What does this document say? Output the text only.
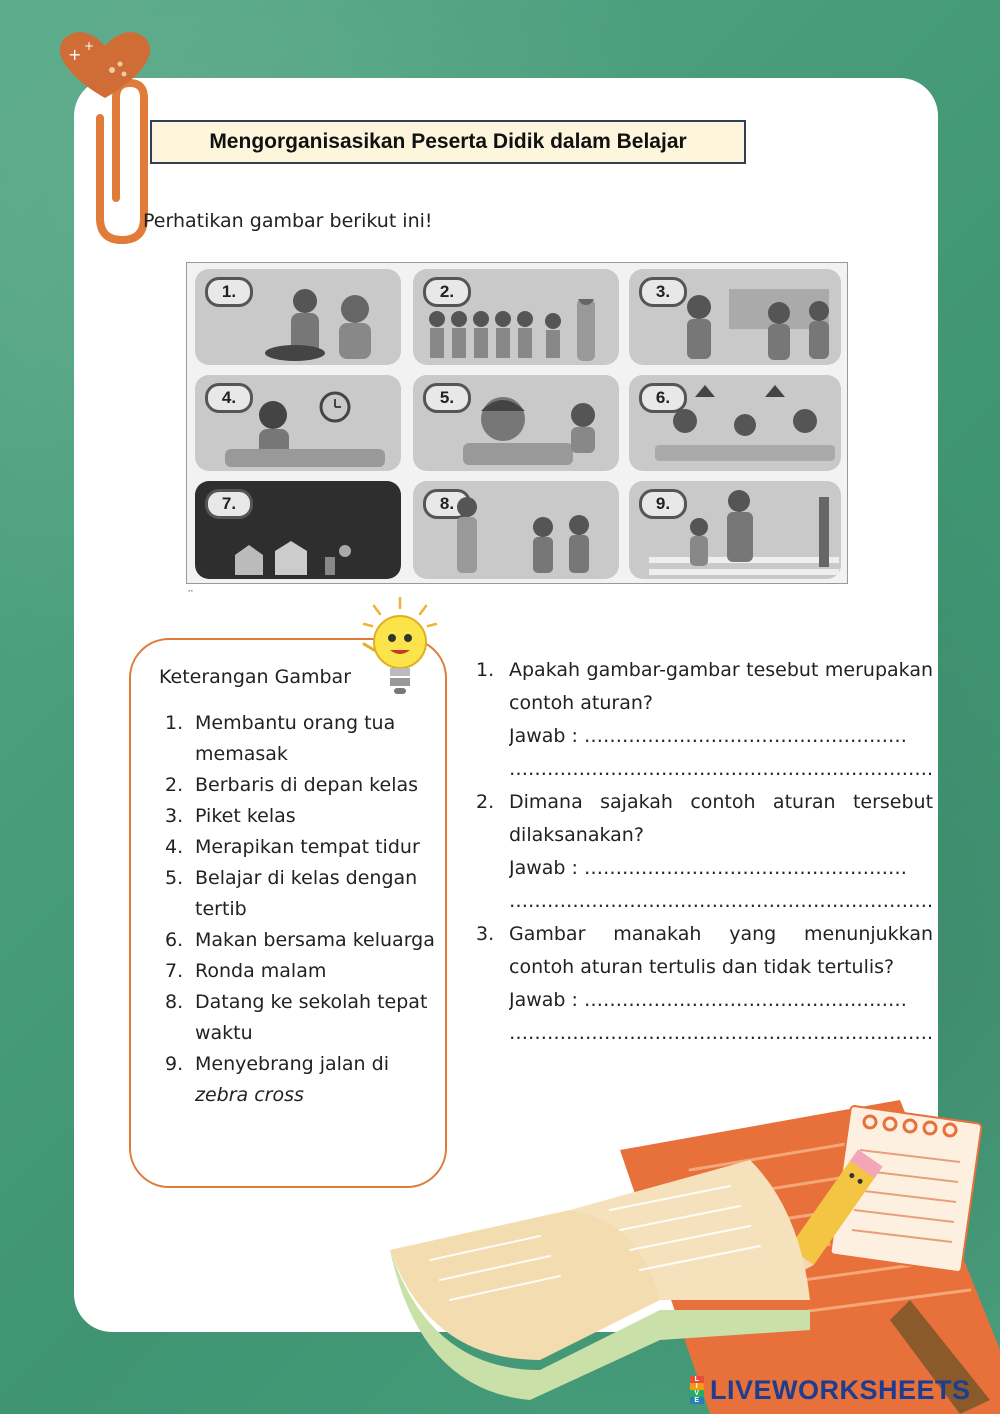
+ +
Mengorganisasikan Peserta Didik dalam Belajar
Perhatikan gambar berikut ini!
1.	2.	3.
4.	5.	6.
7.	8.	9.
▪▪
Keterangan Gambar
1. Membantu orang tua memasak
2. Berbaris di depan kelas
3. Piket kelas
4. Merapikan tempat tidur
5. Belajar di kelas dengan tertib
6. Makan bersama keluarga
7. Ronda malam
8. Datang ke sekolah tepat waktu
9. Menyebrang jalan di
zebra cross
1. Apakah gambar-gambar tesebut merupakan contoh aturan?
Jawab : ……………………………………………
………………………………………………………….
2. Dimana sajakah contoh aturan tersebut dilaksanakan?
Jawab : ……………………………………………
………………………………………………………….
3. Gambar manakah yang menunjukkan contoh aturan tertulis dan tidak tertulis?
Jawab : ……………………………………………
………………………………………………………….
L
I
V
E LIVEWORKSHEETS
